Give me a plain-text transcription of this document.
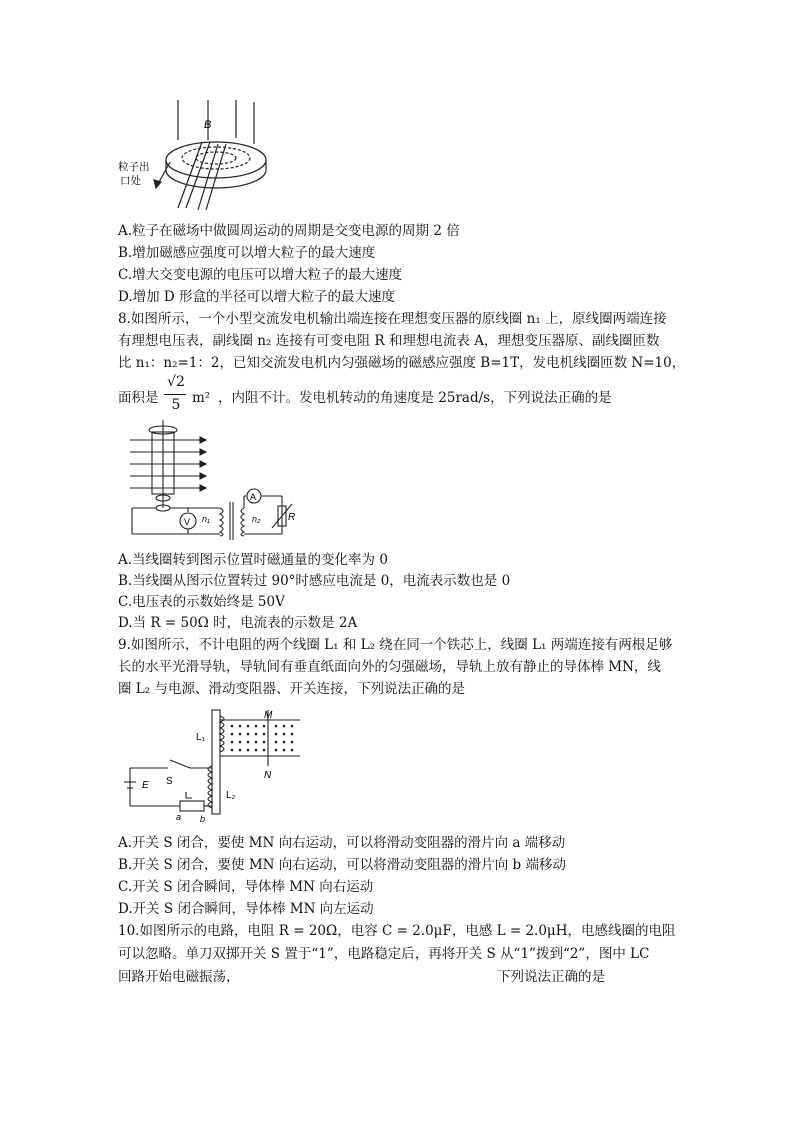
B
粒子出
口处
A.粒子在磁场中做圆周运动的周期是交变电源的周期 2 倍
B.增加磁感应强度可以增大粒子的最大速度
C.增大交变电源的电压可以增大粒子的最大速度
D.增加 D 形盒的半径可以增大粒子的最大速度
8.如图所示，一个小型交流发电机输出端连接在理想变压器的原线圈 n₁ 上，原线圈两端连接
有理想电压表，副线圈 n₂ 连接有可变电阻 R 和理想电流表 A，理想变压器原、副线圈匝数
比 n₁：n₂=1：2，已知交流发电机内匀强磁场的磁感应强度 B=1T，发电机线圈匝数 N=10，
面积是
√2
5 m² ，内阻不计。发电机转动的角速度是 25rad/s，下列说法正确的是
V
A
n₁	n₂	R
A.当线圈转到图示位置时磁通量的变化率为 0
B.当线圈从图示位置转过 90°时感应电流是 0，电流表示数也是 0
C.电压表的示数始终是 50V
D.当 R = 50Ω 时，电流表的示数是 2A
9.如图所示，不计电阻的两个线圈 L₁ 和 L₂ 绕在同一个铁芯上，线圈 L₁ 两端连接有两根足够
长的水平光滑导轨，导轨间有垂直纸面向外的匀强磁场，导轨上放有静止的导体棒 MN，线
圈 L₂ 与电源、滑动变阻器、开关连接，下列说法正确的是
M
N
L₁
L₂
S
E
a b
A.开关 S 闭合，要使 MN 向右运动，可以将滑动变阻器的滑片向 a 端移动
B.开关 S 闭合，要使 MN 向右运动，可以将滑动变阻器的滑片向 b 端移动
C.开关 S 闭合瞬间，导体棒 MN 向右运动
D.开关 S 闭合瞬间，导体棒 MN 向左运动
10.如图所示的电路，电阻 R = 20Ω，电容 C = 2.0μF，电感 L = 2.0μH，电感线圈的电阻
可以忽略。单刀双掷开关 S 置于“1”，电路稳定后，再将开关 S 从“1”拨到“2”，图中 LC
回路开始电磁振荡，	下列说法正确的是
